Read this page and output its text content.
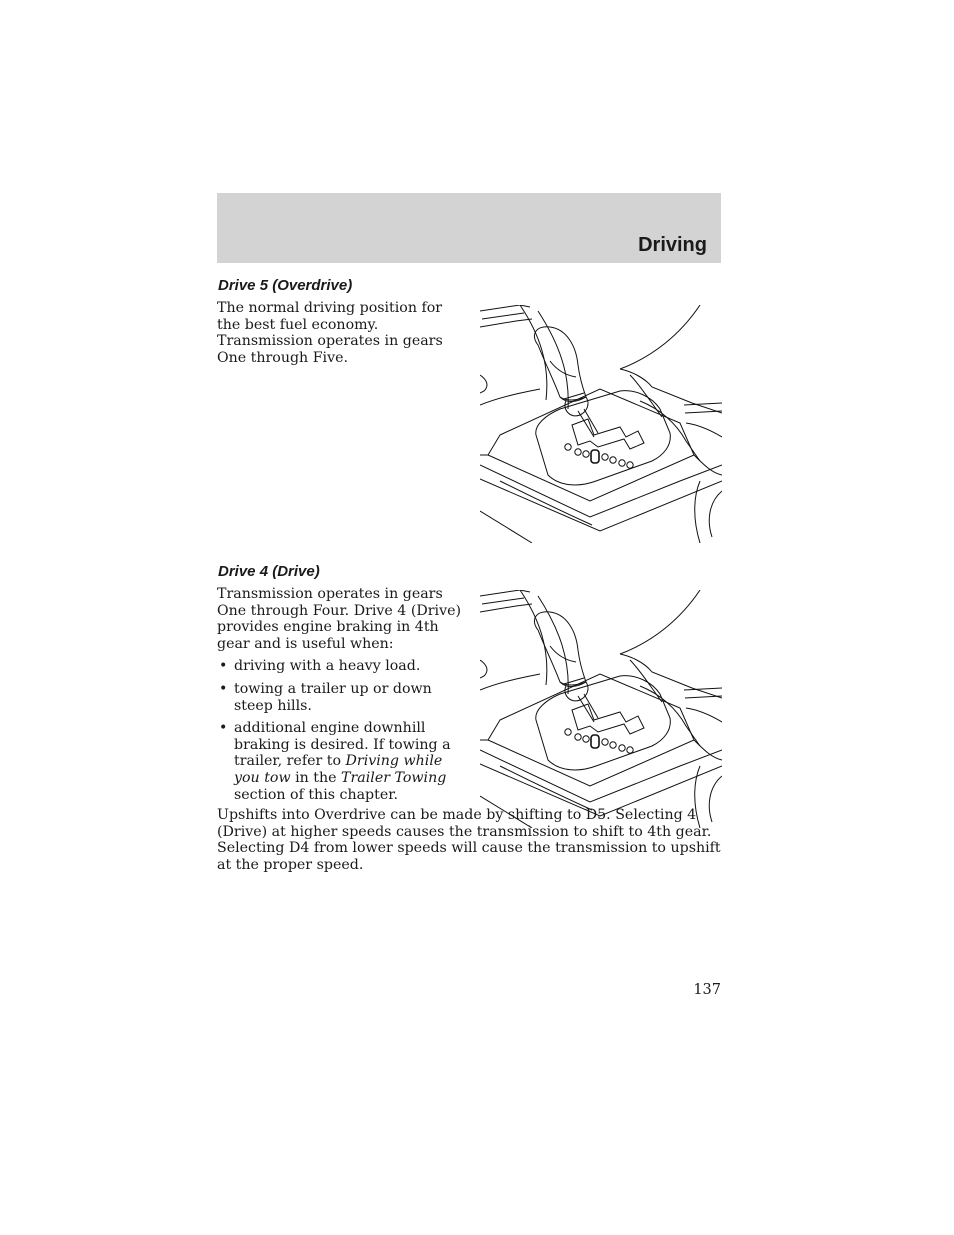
Driving
Drive 5 (Overdrive)

The normal driving position for the best fuel economy. Transmission operates in gears One through Five.

Drive 4 (Drive)

Transmission operates in gears One through Four. Drive 4 (Drive) provides engine braking in 4th gear and is useful when:

• driving with a heavy load.
• towing a trailer up or down steep hills.
• additional engine downhill braking is desired. If towing a trailer, refer to Driving while you tow in the Trailer Towing section of this chapter.

Upshifts into Overdrive can be made by shifting to D5. Selecting 4 (Drive) at higher speeds causes the transmission to shift to 4th gear. Selecting D4 from lower speeds will cause the transmission to upshift at the proper speed.

137
